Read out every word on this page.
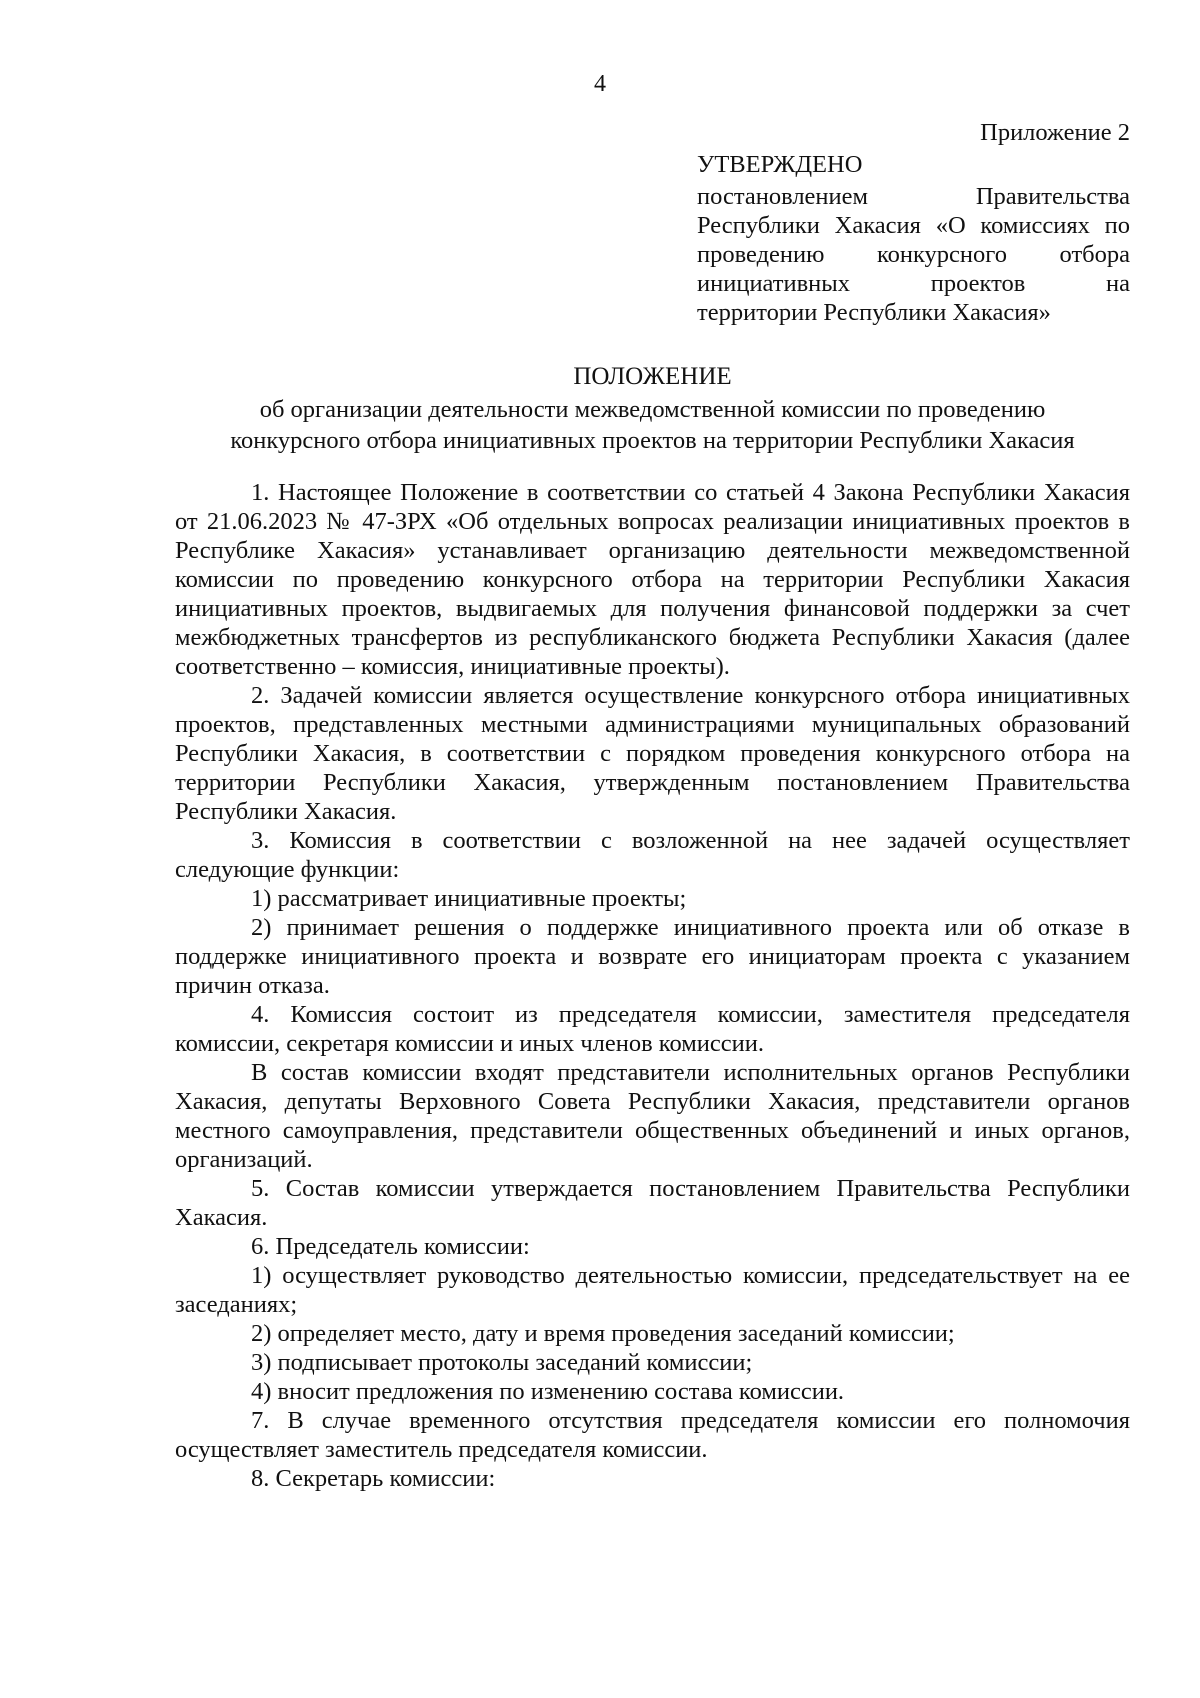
4
Приложение 2
УТВЕРЖДЕНО
постановлением Правительства
Республики Хакасия «О комиссиях по
проведению конкурсного отбора
инициативных проектов на
территории Республики Хакасия»
ПОЛОЖЕНИЕ
об организации деятельности межведомственной комиссии по проведению
конкурсного отбора инициативных проектов на территории Республики Хакасия

1. Настоящее Положение в соответствии со статьей 4 Закона Республики Хакасия от 21.06.2023 № 47-ЗРХ «Об отдельных вопросах реализации инициативных проектов в Республике Хакасия» устанавливает организацию деятельности межведомственной комиссии по проведению конкурсного отбора на территории Республики Хакасия инициативных проектов, выдвигаемых для получения финансовой поддержки за счет межбюджетных трансфертов из республиканского бюджета Республики Хакасия (далее соответственно – комиссия, инициативные проекты).

2. Задачей комиссии является осуществление конкурсного отбора инициативных проектов, представленных местными администрациями муниципальных образований Республики Хакасия, в соответствии с порядком проведения конкурсного отбора на территории Республики Хакасия, утвержденным постановлением Правительства Республики Хакасия.

3. Комиссия в соответствии с возложенной на нее задачей осуществляет следующие функции:

1) рассматривает инициативные проекты;

2) принимает решения о поддержке инициативного проекта или об отказе в поддержке инициативного проекта и возврате его инициаторам проекта с указанием причин отказа.

4. Комиссия состоит из председателя комиссии, заместителя председателя комиссии, секретаря комиссии и иных членов комиссии.

В состав комиссии входят представители исполнительных органов Республики Хакасия, депутаты Верховного Совета Республики Хакасия, представители органов местного самоуправления, представители общественных объединений и иных органов, организаций.

5. Состав комиссии утверждается постановлением Правительства Республики Хакасия.

6. Председатель комиссии:

1) осуществляет руководство деятельностью комиссии, председательствует на ее заседаниях;

2) определяет место, дату и время проведения заседаний комиссии;

3) подписывает протоколы заседаний комиссии;

4) вносит предложения по изменению состава комиссии.

7. В случае временного отсутствия председателя комиссии его полномочия осуществляет заместитель председателя комиссии.

8. Секретарь комиссии:
